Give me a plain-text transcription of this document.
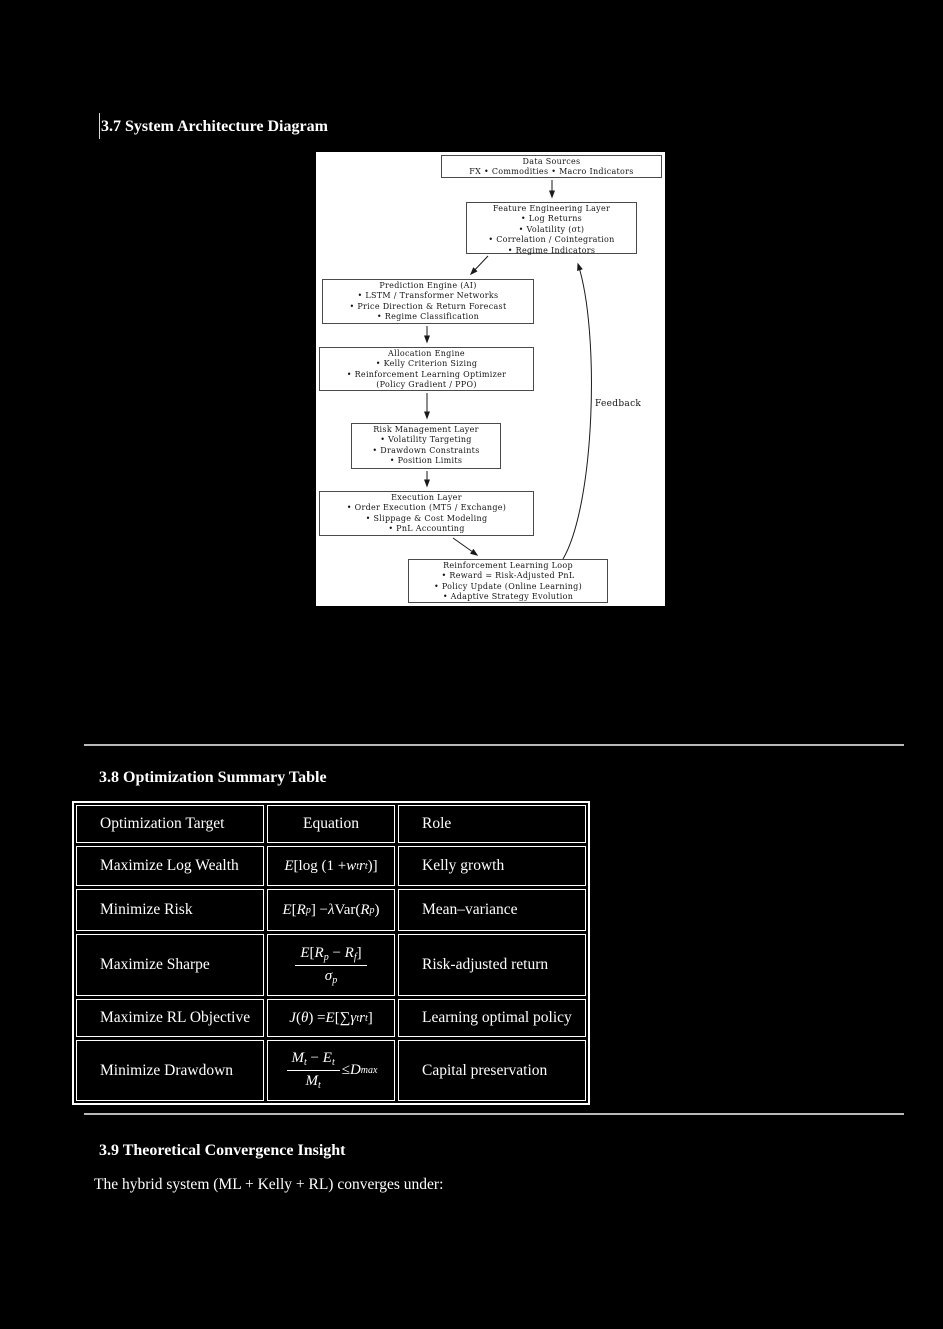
3.7 System Architecture Diagram
Data Sources
FX • Commodities • Macro Indicators
Feature Engineering Layer
• Log Returns
• Volatility (σt)
• Correlation / Cointegration
• Regime Indicators
Prediction Engine (AI)
• LSTM / Transformer Networks
• Price Direction & Return Forecast
• Regime Classification
Allocation Engine
• Kelly Criterion Sizing
• Reinforcement Learning Optimizer
(Policy Gradient / PPO)
Risk Management Layer
• Volatility Targeting
• Drawdown Constraints
• Position Limits
Execution Layer
• Order Execution (MT5 / Exchange)
• Slippage & Cost Modeling
• PnL Accounting
Reinforcement Learning Loop
• Reward = Risk-Adjusted PnL
• Policy Update (Online Learning)
• Adaptive Strategy Evolution
Feedback
3.8 Optimization Summary Table
Optimization Target	Equation	Role
Maximize Log Wealth	E [log ( 1 + w t r t )]	Kelly growth
Minimize Risk	E [ R p ] − λ Var( R p )	Mean–variance
Maximize Sharpe	$\frac{E[R_p - R_f]}{\sigma_p}$	Risk-adjusted return
Maximize RL Objective	J ( θ ) = E [∑ γ t r t ]	Learning optimal policy
Minimize Drawdown	$\frac{M_t - E_t}{M_t} \le D$ max	Capital preservation
3.9 Theoretical Convergence Insight
The hybrid system (ML + Kelly + RL) converges under:
